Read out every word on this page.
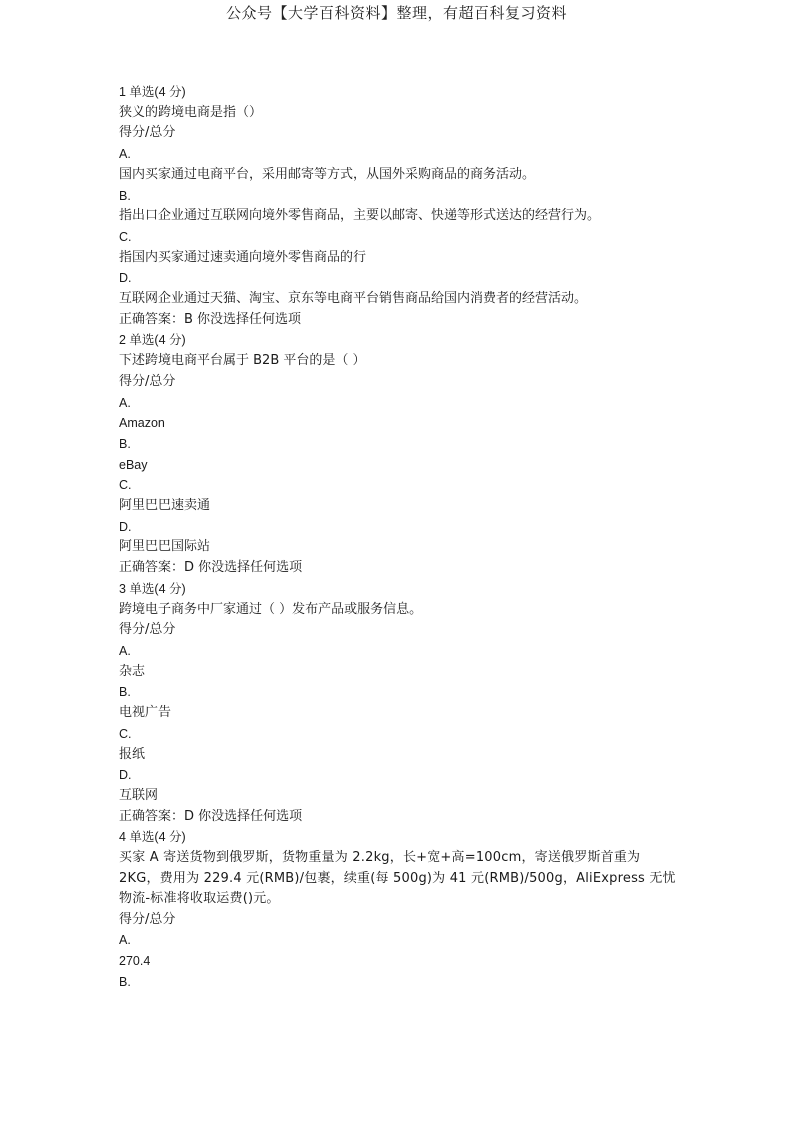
公众号【大学百科资料】整理，有超百科复习资料
1 单选(4 分)
狭义的跨境电商是指（）
得分/总分
A.
国内买家通过电商平台，采用邮寄等方式，从国外采购商品的商务活动。
B.
指出口企业通过互联网向境外零售商品，主要以邮寄、快递等形式送达的经营行为。
C.
指国内买家通过速卖通向境外零售商品的行
D.
互联网企业通过天猫、淘宝、京东等电商平台销售商品给国内消费者的经营活动。
正确答案：B 你没选择任何选项
2 单选(4 分)
下述跨境电商平台属于 B2B 平台的是（ ）
得分/总分
A.
Amazon
B.
eBay
C.
阿里巴巴速卖通
D.
阿里巴巴国际站
正确答案：D 你没选择任何选项
3 单选(4 分)
跨境电子商务中厂家通过（ ）发布产品或服务信息。
得分/总分
A.
杂志
B.
电视广告
C.
报纸
D.
互联网
正确答案：D 你没选择任何选项
4 单选(4 分)
买家 A 寄送货物到俄罗斯，货物重量为 2.2kg，长+宽+高=100cm，寄送俄罗斯首重为 2KG，费用为 229.4 元(RMB)/包裹，续重(每 500g)为 41 元(RMB)/500g，AliExpress 无忧物流-标准将收取运费()元。
得分/总分
A.
270.4
B.
